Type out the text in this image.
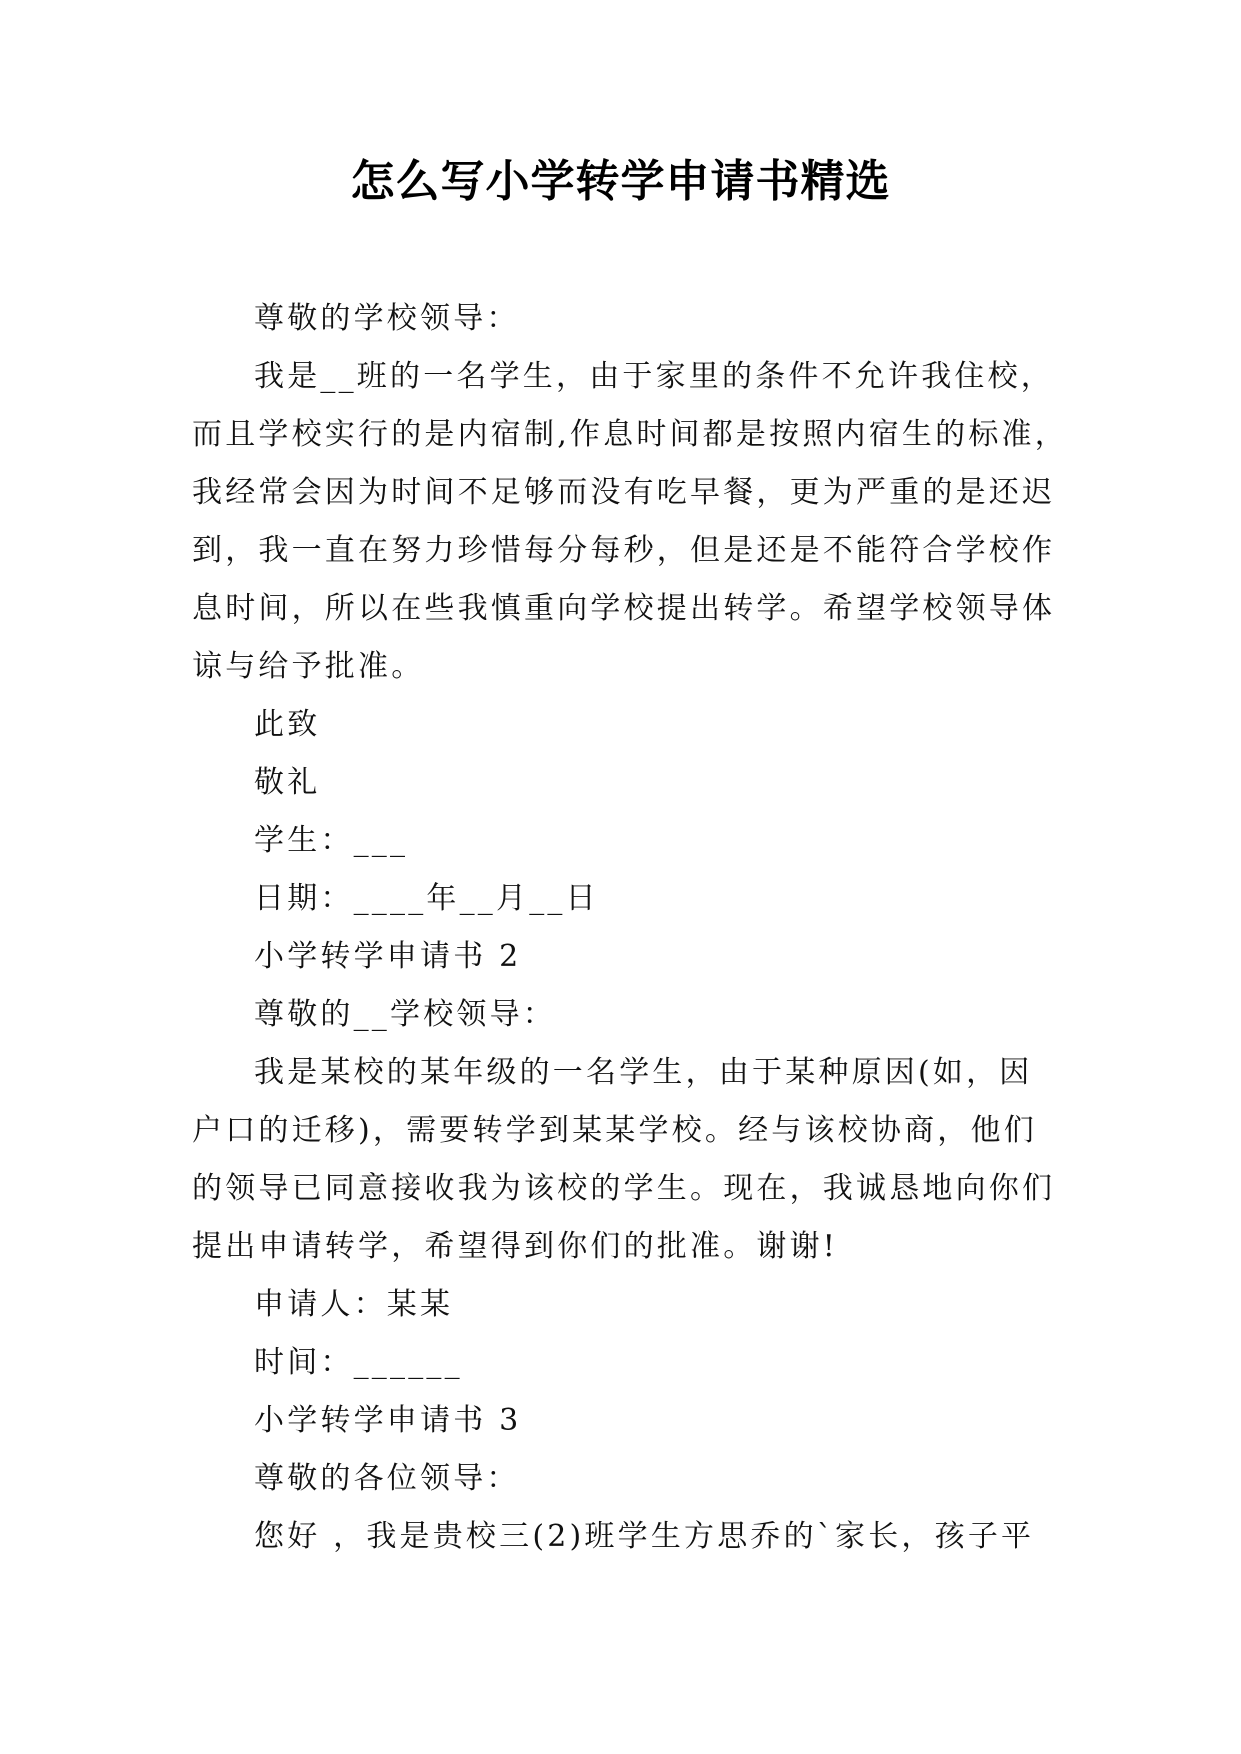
怎么写小学转学申请书精选
尊敬的学校领导：
我是__班的一名学生，由于家里的条件不允许我住校，
而且学校实行的是内宿制,作息时间都是按照内宿生的标准，
我经常会因为时间不足够而没有吃早餐，更为严重的是还迟
到，我一直在努力珍惜每分每秒，但是还是不能符合学校作
息时间，所以在些我慎重向学校提出转学。希望学校领导体
谅与给予批准。
此致
敬礼
学生：___
日期：____年__月__日
小学转学申请书 2
尊敬的__学校领导：
我是某校的某年级的一名学生，由于某种原因(如，因
户口的迁移)，需要转学到某某学校。经与该校协商，他们
的领导已同意接收我为该校的学生。现在，我诚恳地向你们
提出申请转学，希望得到你们的批准。谢谢!
申请人：某某
时间：______
小学转学申请书 3
尊敬的各位领导：
您好 ，我是贵校三(2)班学生方思乔的`家长，孩子平
